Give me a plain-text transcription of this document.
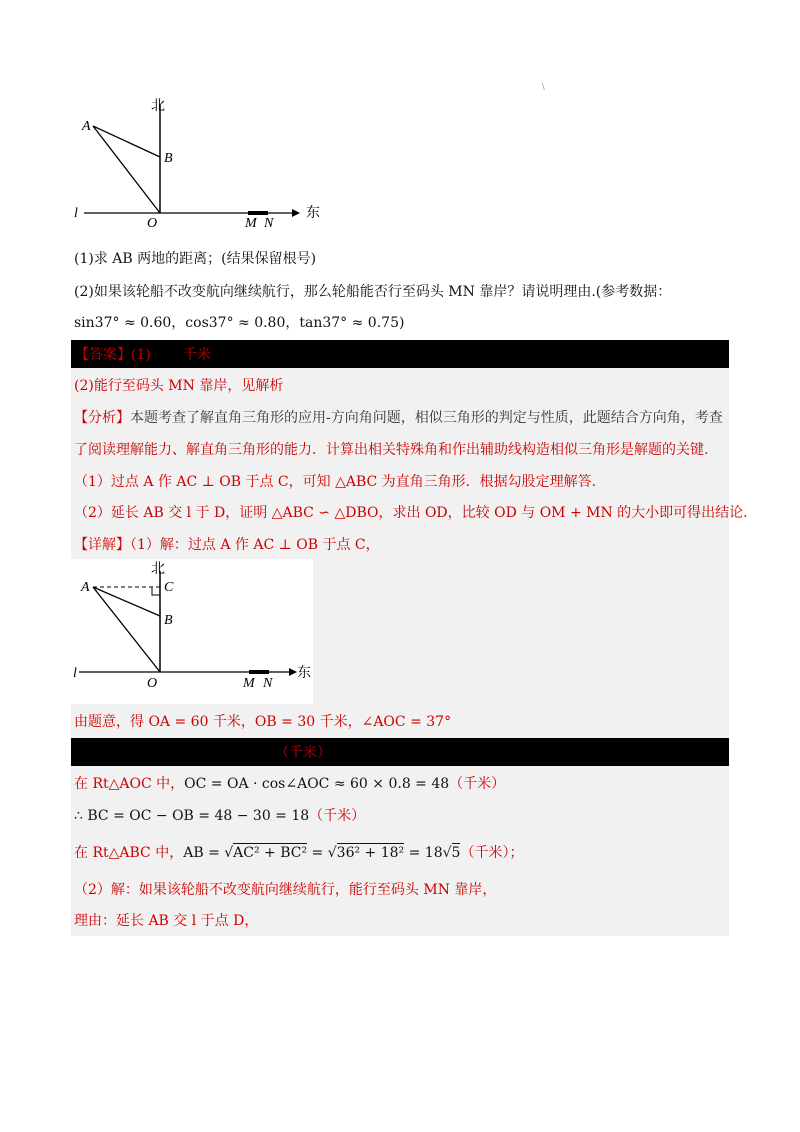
\
北
东
A
B
O
l
M N
(1)求 AB 两地的距离；(结果保留根号)
(2)如果该轮船不改变航向继续航行，那么轮船能否行至码头 MN 靠岸？请说明理由.(参考数据：
sin37° ≈ 0.60，cos37° ≈ 0.80，tan37° ≈ 0.75)
【答案】(1) 千米
(2)能行至码头 MN 靠岸，见解析
【分析】本题考查了解直角三角形的应用-方向角问题，相似三角形的判定与性质，此题结合方向角，考查
了阅读理解能力、解直角三角形的能力．计算出相关特殊角和作出辅助线构造相似三角形是解题的关键.
（1）过点 A 作 AC ⊥ OB 于点 C，可知 △ABC 为直角三角形．根据勾股定理解答.
（2）延长 AB 交 l 于 D，证明 △ABC ∽ △DBO，求出 OD，比较 OD 与 OM + MN 的大小即可得出结论.
【详解】（1）解：过点 A 作 AC ⊥ OB 于点 C，
北
东
A	C
B
O
l
M N
由题意，得 OA = 60 千米，OB = 30 千米，∠AOC = 37°
（千米）
在 Rt△AOC 中，OC = OA · cos∠AOC ≈ 60 × 0.8 = 48（千米）
∴ BC = OC − OB = 48 − 30 = 18（千米）
在 Rt△ABC 中，AB = √AC² + BC² = √36² + 18² = 18√5（千米）；
（2）解：如果该轮船不改变航向继续航行，能行至码头 MN 靠岸，
理由：延长 AB 交 l 于点 D，
